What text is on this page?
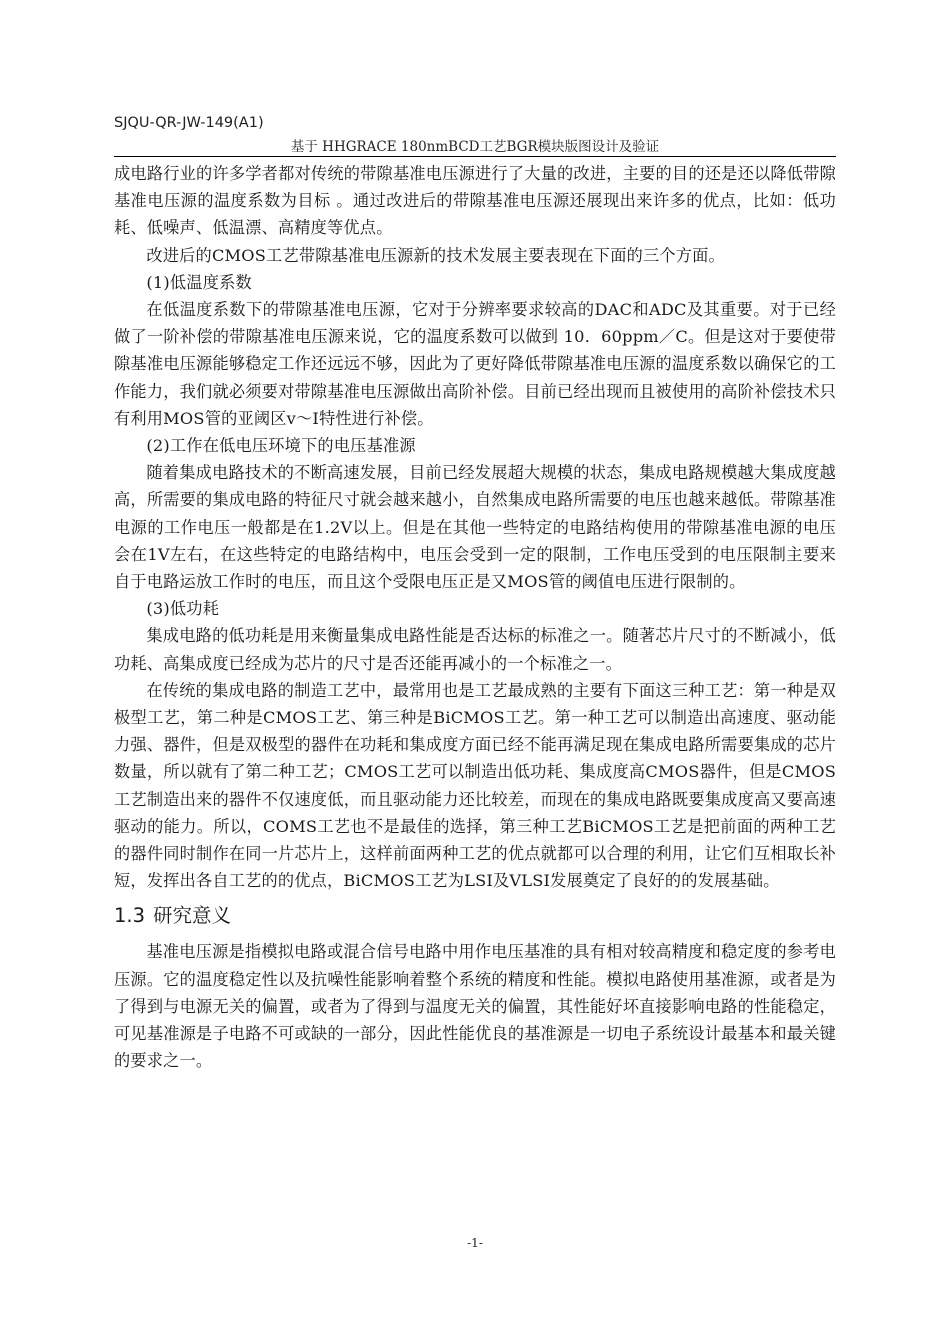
SJQU-QR-JW-149(A1)
基于 HHGRACE 180nmBCD工艺BGR模块版图设计及验证

成电路行业的许多学者都对传统的带隙基准电压源进行了大量的改进，主要的目的还是还以降低带隙基准电压源的温度系数为目标 。通过改进后的带隙基准电压源还展现出来许多的优点，比如：低功耗、低噪声、低温漂、高精度等优点。

改进后的CMOS工艺带隙基准电压源新的技术发展主要表现在下面的三个方面。

(1)低温度系数

在低温度系数下的带隙基准电压源，它对于分辨率要求较高的DAC和ADC及其重要。对于已经做了一阶补偿的带隙基准电压源来说，它的温度系数可以做到 10．60ppm／C。但是这对于要使带隙基准电压源能够稳定工作还远远不够，因此为了更好降低带隙基准电压源的温度系数以确保它的工作能力，我们就必须要对带隙基准电压源做出高阶补偿。目前已经出现而且被使用的高阶补偿技术只有利用MOS管的亚阈区v～I特性进行补偿。

(2)工作在低电压环境下的电压基准源

随着集成电路技术的不断高速发展，目前已经发展超大规模的状态，集成电路规模越大集成度越高，所需要的集成电路的特征尺寸就会越来越小，自然集成电路所需要的电压也越来越低。带隙基准电源的工作电压一般都是在1.2V以上。但是在其他一些特定的电路结构使用的带隙基准电源的电压会在1V左右，在这些特定的电路结构中，电压会受到一定的限制，工作电压受到的电压限制主要来自于电路运放工作时的电压，而且这个受限电压正是又MOS管的阈值电压进行限制的。

(3)低功耗

集成电路的低功耗是用来衡量集成电路性能是否达标的标准之一。随著芯片尺寸的不断减小，低功耗、高集成度已经成为芯片的尺寸是否还能再减小的一个标准之一。

在传统的集成电路的制造工艺中，最常用也是工艺最成熟的主要有下面这三种工艺：第一种是双极型工艺，第二种是CMOS工艺、第三种是BiCMOS工艺。第一种工艺可以制造出高速度、驱动能力强、器件，但是双极型的器件在功耗和集成度方面已经不能再满足现在集成电路所需要集成的芯片数量，所以就有了第二种工艺；CMOS工艺可以制造出低功耗、集成度高CMOS器件，但是CMOS工艺制造出来的器件不仅速度低，而且驱动能力还比较差，而现在的集成电路既要集成度高又要高速驱动的能力。所以，COMS工艺也不是最佳的选择，第三种工艺BiCMOS工艺是把前面的两种工艺的器件同时制作在同一片芯片上，这样前面两种工艺的优点就都可以合理的利用，让它们互相取长补短，发挥出各自工艺的的优点，BiCMOS工艺为LSI及VLSI发展奠定了良好的的发展基础。

1.3 研究意义

基准电压源是指模拟电路或混合信号电路中用作电压基准的具有相对较高精度和稳定度的参考电压源。它的温度稳定性以及抗噪性能影响着整个系统的精度和性能。模拟电路使用基准源，或者是为了得到与电源无关的偏置，或者为了得到与温度无关的偏置，其性能好坏直接影响电路的性能稳定，可见基准源是子电路不可或缺的一部分，因此性能优良的基准源是一切电子系统设计最基本和最关键的要求之一。

-1-
